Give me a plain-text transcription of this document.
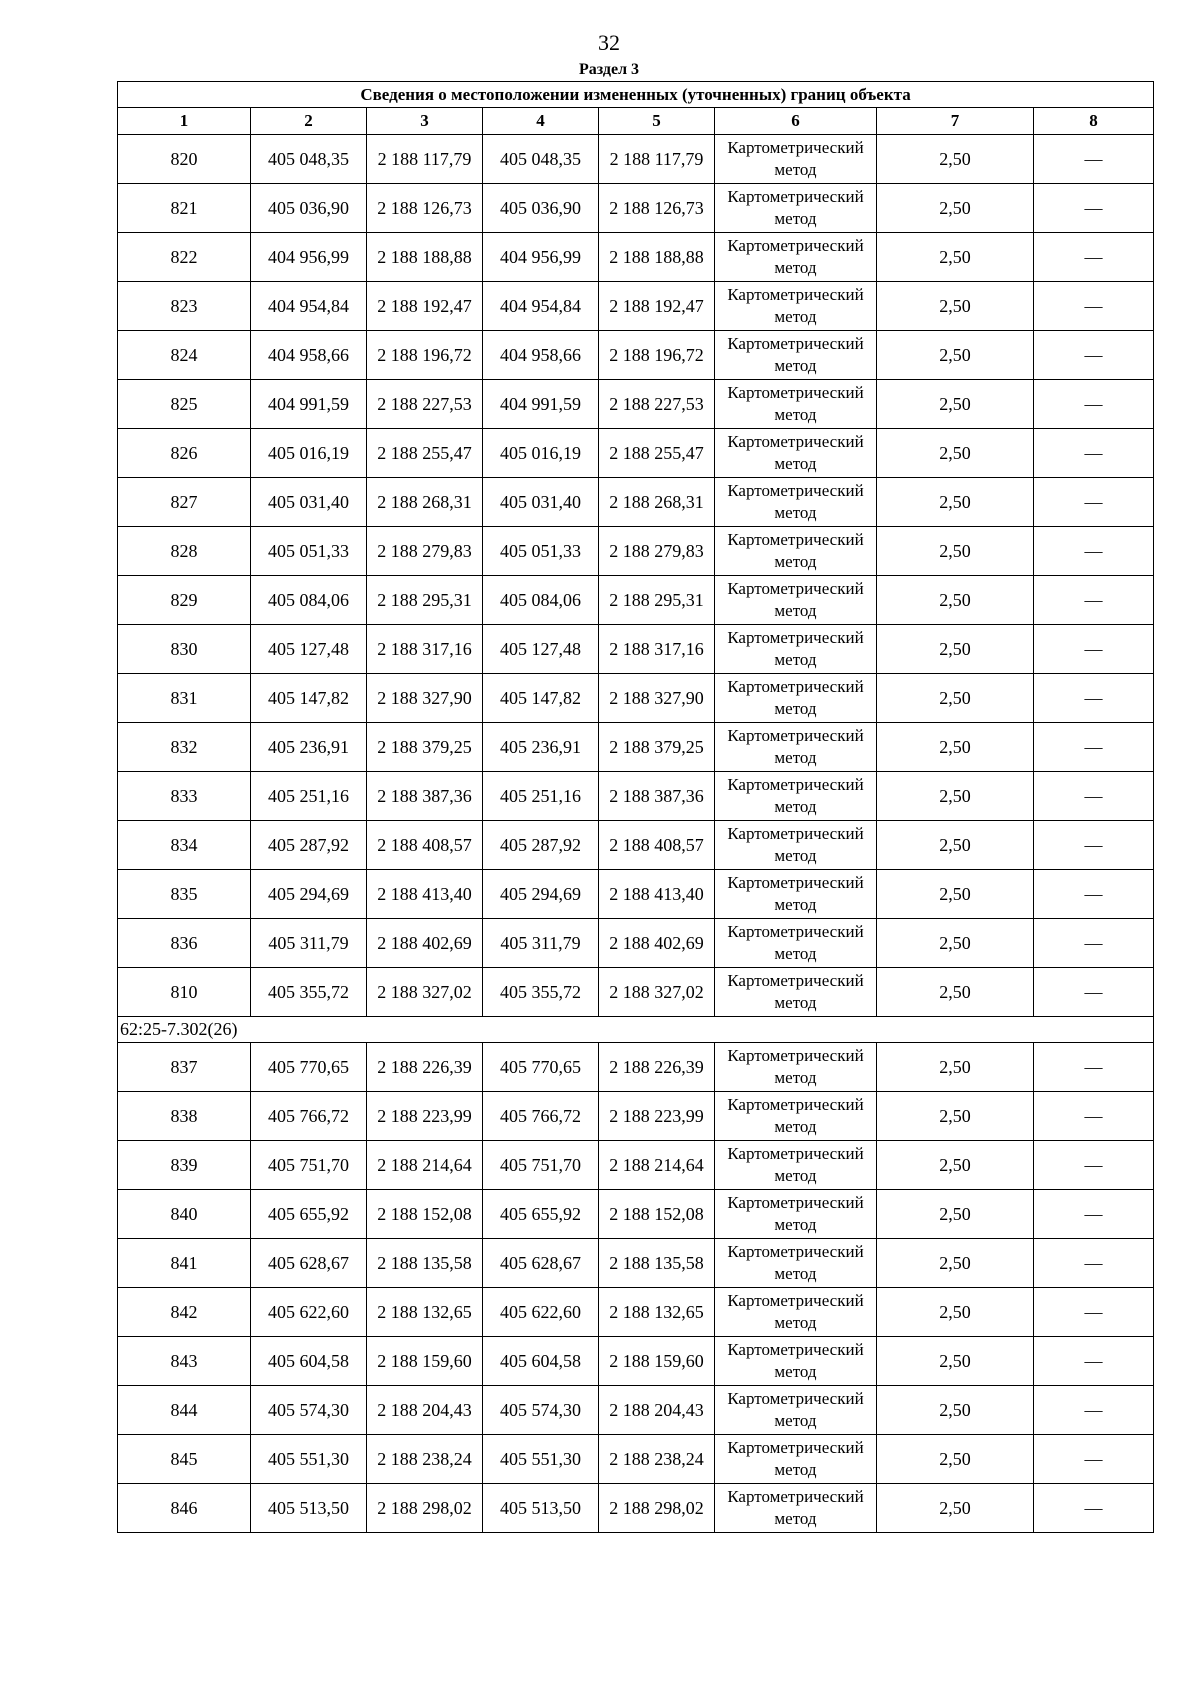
32
Раздел 3
Сведения о местоположении измененных (уточненных) границ объекта							
1	2	3	4	5	6	7	8
820	405 048,35	2 188 117,79	405 048,35	2 188 117,79	Картометрический метод	2,50	—
821	405 036,90	2 188 126,73	405 036,90	2 188 126,73	Картометрический метод	2,50	—
822	404 956,99	2 188 188,88	404 956,99	2 188 188,88	Картометрический метод	2,50	—
823	404 954,84	2 188 192,47	404 954,84	2 188 192,47	Картометрический метод	2,50	—
824	404 958,66	2 188 196,72	404 958,66	2 188 196,72	Картометрический метод	2,50	—
825	404 991,59	2 188 227,53	404 991,59	2 188 227,53	Картометрический метод	2,50	—
826	405 016,19	2 188 255,47	405 016,19	2 188 255,47	Картометрический метод	2,50	—
827	405 031,40	2 188 268,31	405 031,40	2 188 268,31	Картометрический метод	2,50	—
828	405 051,33	2 188 279,83	405 051,33	2 188 279,83	Картометрический метод	2,50	—
829	405 084,06	2 188 295,31	405 084,06	2 188 295,31	Картометрический метод	2,50	—
830	405 127,48	2 188 317,16	405 127,48	2 188 317,16	Картометрический метод	2,50	—
831	405 147,82	2 188 327,90	405 147,82	2 188 327,90	Картометрический метод	2,50	—
832	405 236,91	2 188 379,25	405 236,91	2 188 379,25	Картометрический метод	2,50	—
833	405 251,16	2 188 387,36	405 251,16	2 188 387,36	Картометрический метод	2,50	—
834	405 287,92	2 188 408,57	405 287,92	2 188 408,57	Картометрический метод	2,50	—
835	405 294,69	2 188 413,40	405 294,69	2 188 413,40	Картометрический метод	2,50	—
836	405 311,79	2 188 402,69	405 311,79	2 188 402,69	Картометрический метод	2,50	—
810	405 355,72	2 188 327,02	405 355,72	2 188 327,02	Картометрический метод	2,50	—
62:25-7.302(26)							
837	405 770,65	2 188 226,39	405 770,65	2 188 226,39	Картометрический метод	2,50	—
838	405 766,72	2 188 223,99	405 766,72	2 188 223,99	Картометрический метод	2,50	—
839	405 751,70	2 188 214,64	405 751,70	2 188 214,64	Картометрический метод	2,50	—
840	405 655,92	2 188 152,08	405 655,92	2 188 152,08	Картометрический метод	2,50	—
841	405 628,67	2 188 135,58	405 628,67	2 188 135,58	Картометрический метод	2,50	—
842	405 622,60	2 188 132,65	405 622,60	2 188 132,65	Картометрический метод	2,50	—
843	405 604,58	2 188 159,60	405 604,58	2 188 159,60	Картометрический метод	2,50	—
844	405 574,30	2 188 204,43	405 574,30	2 188 204,43	Картометрический метод	2,50	—
845	405 551,30	2 188 238,24	405 551,30	2 188 238,24	Картометрический метод	2,50	—
846	405 513,50	2 188 298,02	405 513,50	2 188 298,02	Картометрический метод	2,50	—
